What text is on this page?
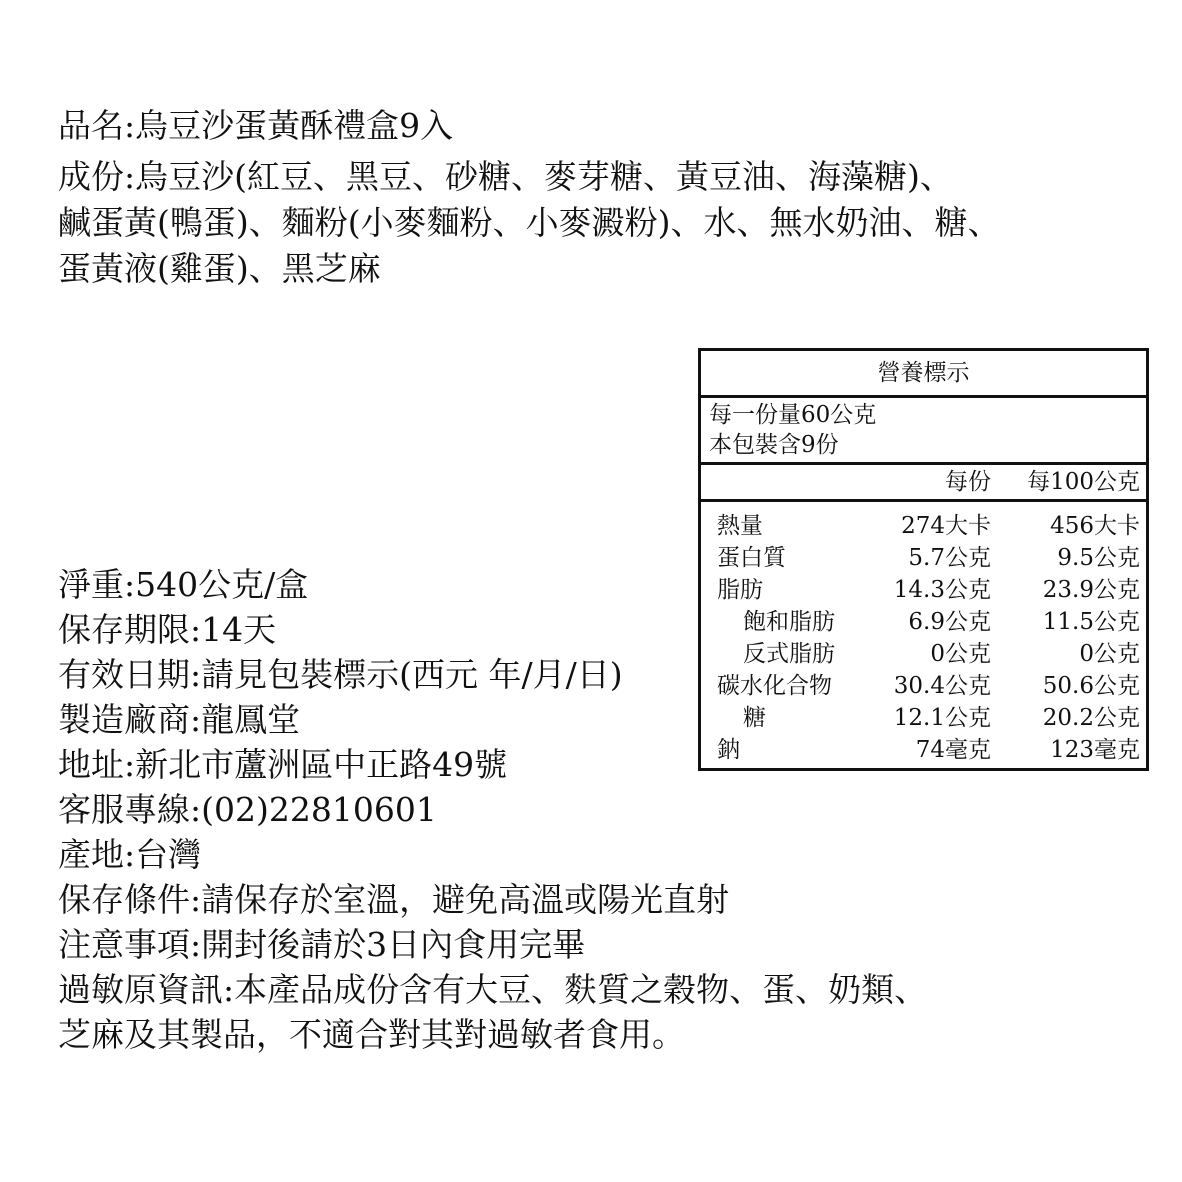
品名:烏豆沙蛋黃酥禮盒9入
成份:烏豆沙(紅豆、黑豆、砂糖、麥芽糖、黃豆油、海藻糖)、
鹹蛋黃(鴨蛋)、麵粉(小麥麵粉、小麥澱粉)、水、無水奶油、糖、
蛋黃液(雞蛋)、黑芝麻
淨重:540公克/盒
保存期限:14天
有效日期:請見包裝標示(西元 年/月/日)
製造廠商:龍鳳堂
地址:新北市蘆洲區中正路49號
客服專線:(02)22810601
產地:台灣
保存條件:請保存於室溫，避免高溫或陽光直射
注意事項:開封後請於3日內食用完畢
過敏原資訊:本產品成份含有大豆、麩質之穀物、蛋、奶類、
芝麻及其製品，不適合對其對過敏者食用。
營養標示
每一份量60公克
本包裝含9份
每份 每100公克
熱量	274大卡	456大卡
蛋白質	5.7公克	9.5公克
脂肪	14.3公克 23.9公克
飽和脂肪	6.9公克 11.5公克
反式脂肪	0公克	0公克
碳水化合物	30.4公克 50.6公克
糖	12.1公克 20.2公克
鈉	74毫克	123毫克
